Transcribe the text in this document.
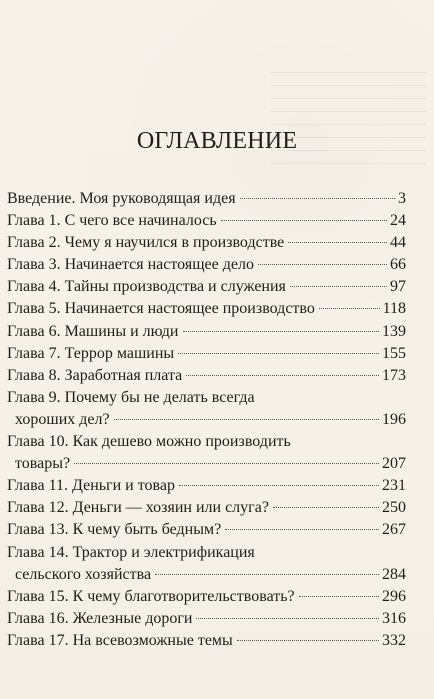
ОГЛАВЛЕНИЕ
Введение. Моя руководящая идея	3
Глава 1. С чего все начиналось	24
Глава 2. Чему я научился в производстве	44
Глава 3. Начинается настоящее дело	66
Глава 4. Тайны производства и служения	97
Глава 5. Начинается настоящее производство	118
Глава 6. Машины и люди	139
Глава 7. Террор машины	155
Глава 8. Заработная плата	173
Глава 9. Почему бы не делать всегда
хороших дел?	196
Глава 10. Как дешево можно производить
товары?	207
Глава 11. Деньги и товар	231
Глава 12. Деньги — хозяин или слуга?	250
Глава 13. К чему быть бедным?	267
Глава 14. Трактор и электрификация
сельского хозяйства	284
Глава 15. К чему благотворительствовать?	296
Глава 16. Железные дороги	316
Глава 17. На всевозможные темы	332
